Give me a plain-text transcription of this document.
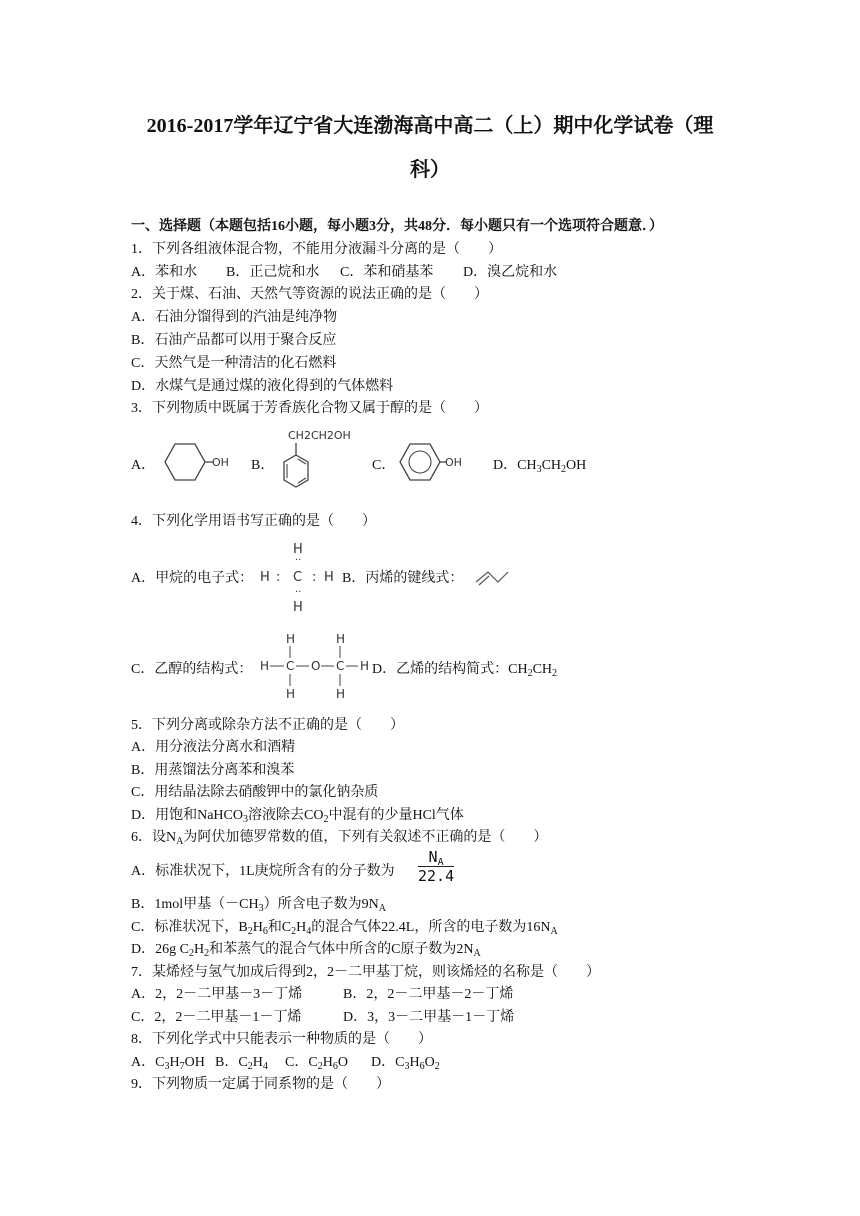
2016-2017学年辽宁省大连渤海高中高二（上）期中化学试卷（理
科）
一、选择题（本题包括16小题，每小题3分，共48分．每小题只有一个选项符合题意．）
1．下列各组液体混合物，不能用分液漏斗分离的是（　　）
A．苯和水 B．正己烷和水 C．苯和硝基苯 D．溴乙烷和水
2．关于煤、石油、天然气等资源的说法正确的是（　　）
A．石油分馏得到的汽油是纯净物
B．石油产品都可以用于聚合反应
C．天然气是一种清洁的化石燃料
D．水煤气是通过煤的液化得到的气体燃料
3．下列物质中既属于芳香族化合物又属于醇的是（　　）
A．	OH B．
CH2CH2OH
C．	OH D．$CH_3CH_2OH$
4．下列化学用语书写正确的是（　　）
A．甲烷的电子式：
H
··
H : C : H
··
H
B．丙烯的键线式：
C．乙醇的结构式：
H	H
H C O C H
H	H
D．乙烯的结构简式：$CH_2CH_2$
5．下列分离或除杂方法不正确的是（　　）
A．用分液法分离水和酒精
B．用蒸馏法分离苯和溴苯
C．用结晶法除去硝酸钾中的氯化钠杂质
D．用饱和NaHCO$_3$溶液除去$CO_2$中混有的少量HCl气体
6．设$N_A$为阿伏加德罗常数的值，下列有关叙述不正确的是（　　）
A．标准状况下，1L庚烷所含有的分子数为 $\frac{N_A}{22.4}$
B．1mol甲基$(-CH_3)$所含电子数为$9N_A$
C．标准状况下，$B_2H_6$和$C_2H_4$的混合气体22.4L，所含的电子数为$16N_A$
D．26g $C_2H_2$和苯蒸气的混合气体中所含的C原子数为$2N_A$
7．某烯烃与氢气加成后得到2，2－二甲基丁烷，则该烯烃的名称是（　　）
A．2，2－二甲基－3－丁烯	B．2，2－二甲基－2－丁烯
C．2，2－二甲基－1－丁烯	D．3，3－二甲基－1－丁烯
8．下列化学式中只能表示一种物质的是（　　）
A．$C_3H_7OH$ B．$C_2H_4$ C．$C_2H_6O$ D．$C_3H_6O_2$
9．下列物质一定属于同系物的是（　　）
